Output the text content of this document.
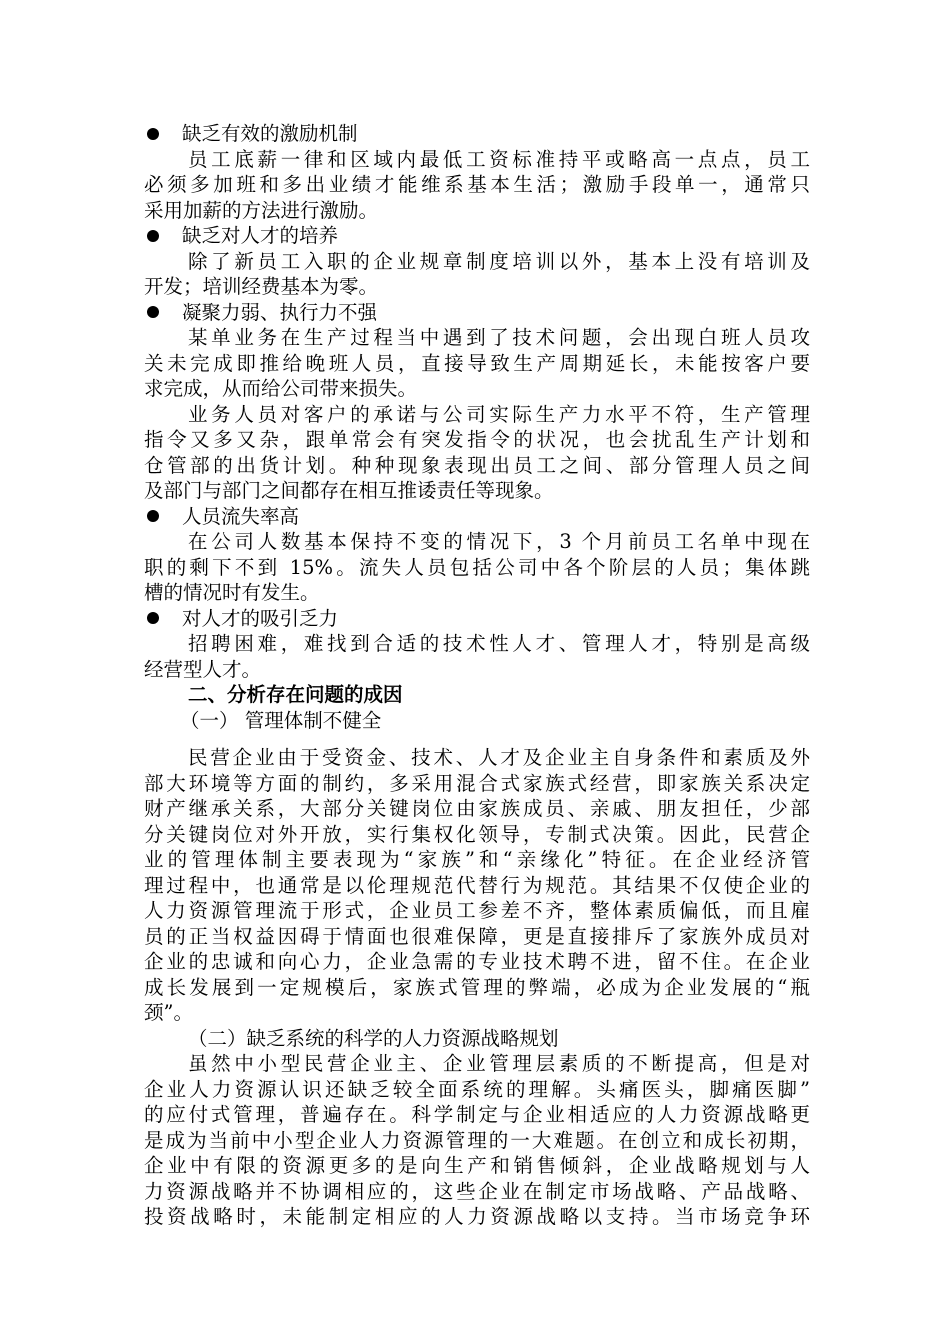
缺乏有效的激励机制
员工底薪一律和区域内最低工资标准持平或略高一点点，员工
必须多加班和多出业绩才能维系基本生活；激励手段单一，通常只
采用加薪的方法进行激励。
缺乏对人才的培养
除了新员工入职的企业规章制度培训以外，基本上没有培训及
开发；培训经费基本为零。
凝聚力弱、执行力不强
某单业务在生产过程当中遇到了技术问题，会出现白班人员攻
关未完成即推给晚班人员，直接导致生产周期延长，未能按客户要
求完成，从而给公司带来损失。
业务人员对客户的承诺与公司实际生产力水平不符，生产管理
指令又多又杂，跟单常会有突发指令的状况，也会扰乱生产计划和
仓管部的出货计划。种种现象表现出员工之间、部分管理人员之间
及部门与部门之间都存在相互推诿责任等现象。
人员流失率高
在公司人数基本保持不变的情况下，3 个月前员工名单中现在
职的剩下不到 15%。流失人员包括公司中各个阶层的人员；集体跳
槽的情况时有发生。
对人才的吸引乏力
招聘困难，难找到合适的技术性人才、管理人才，特别是高级
经营型人才。
二、分析存在问题的成因
（一） 管理体制不健全
民营企业由于受资金、技术、人才及企业主自身条件和素质及外
部大环境等方面的制约，多采用混合式家族式经营，即家族关系决定
财产继承关系，大部分关键岗位由家族成员、亲戚、朋友担任，少部
分关键岗位对外开放，实行集权化领导，专制式决策。因此，民营企
业的管理体制主要表现为“家族”和“亲缘化”特征。在企业经济管
理过程中，也通常是以伦理规范代替行为规范。其结果不仅使企业的
人力资源管理流于形式，企业员工参差不齐，整体素质偏低，而且雇
员的正当权益因碍于情面也很难保障，更是直接排斥了家族外成员对
企业的忠诚和向心力，企业急需的专业技术聘不进，留不住。在企业
成长发展到一定规模后，家族式管理的弊端，必成为企业发展的“瓶
颈”。
（二）缺乏系统的科学的人力资源战略规划
虽然中小型民营企业主、企业管理层素质的不断提高，但是对
企业人力资源认识还缺乏较全面系统的理解。头痛医头，脚痛医脚”
的应付式管理，普遍存在。科学制定与企业相适应的人力资源战略更
是成为当前中小型企业人力资源管理的一大难题。在创立和成长初期，
企业中有限的资源更多的是向生产和销售倾斜，企业战略规划与人
力资源战略并不协调相应的，这些企业在制定市场战略、产品战略、
投资战略时，未能制定相应的人力资源战略以支持。当市场竞争环
